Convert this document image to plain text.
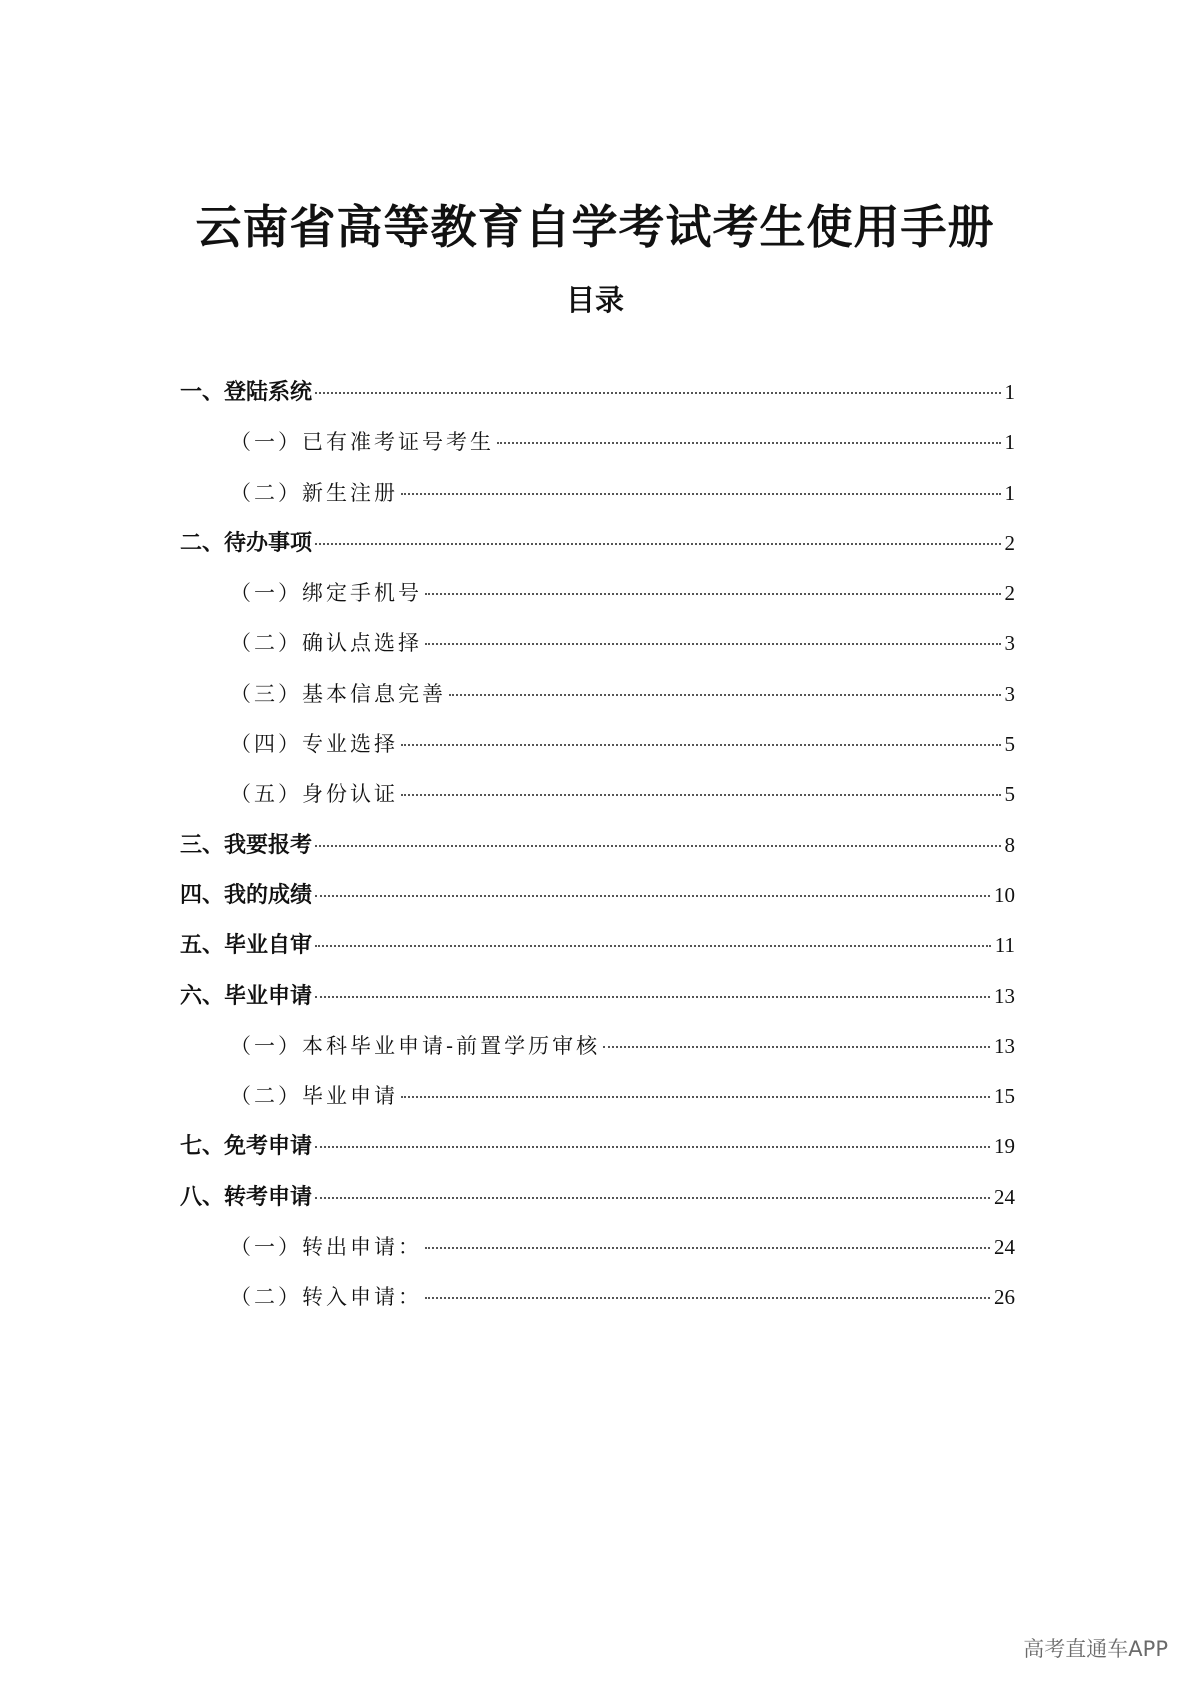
云南省高等教育自学考试考生使用手册
目录
一、登陆系统	1
（一）已有准考证号考生	1
（二）新生注册	1
二、待办事项	2
（一）绑定手机号	2
（二）确认点选择	3
（三）基本信息完善	3
（四）专业选择	5
（五）身份认证	5
三、我要报考	8
四、我的成绩	10
五、毕业自审	11
六、毕业申请	13
（一）本科毕业申请-前置学历审核	13
（二）毕业申请	15
七、免考申请	19
八、转考申请	24
（一）转出申请：	24
（二）转入申请：	26
高考直通车APP
